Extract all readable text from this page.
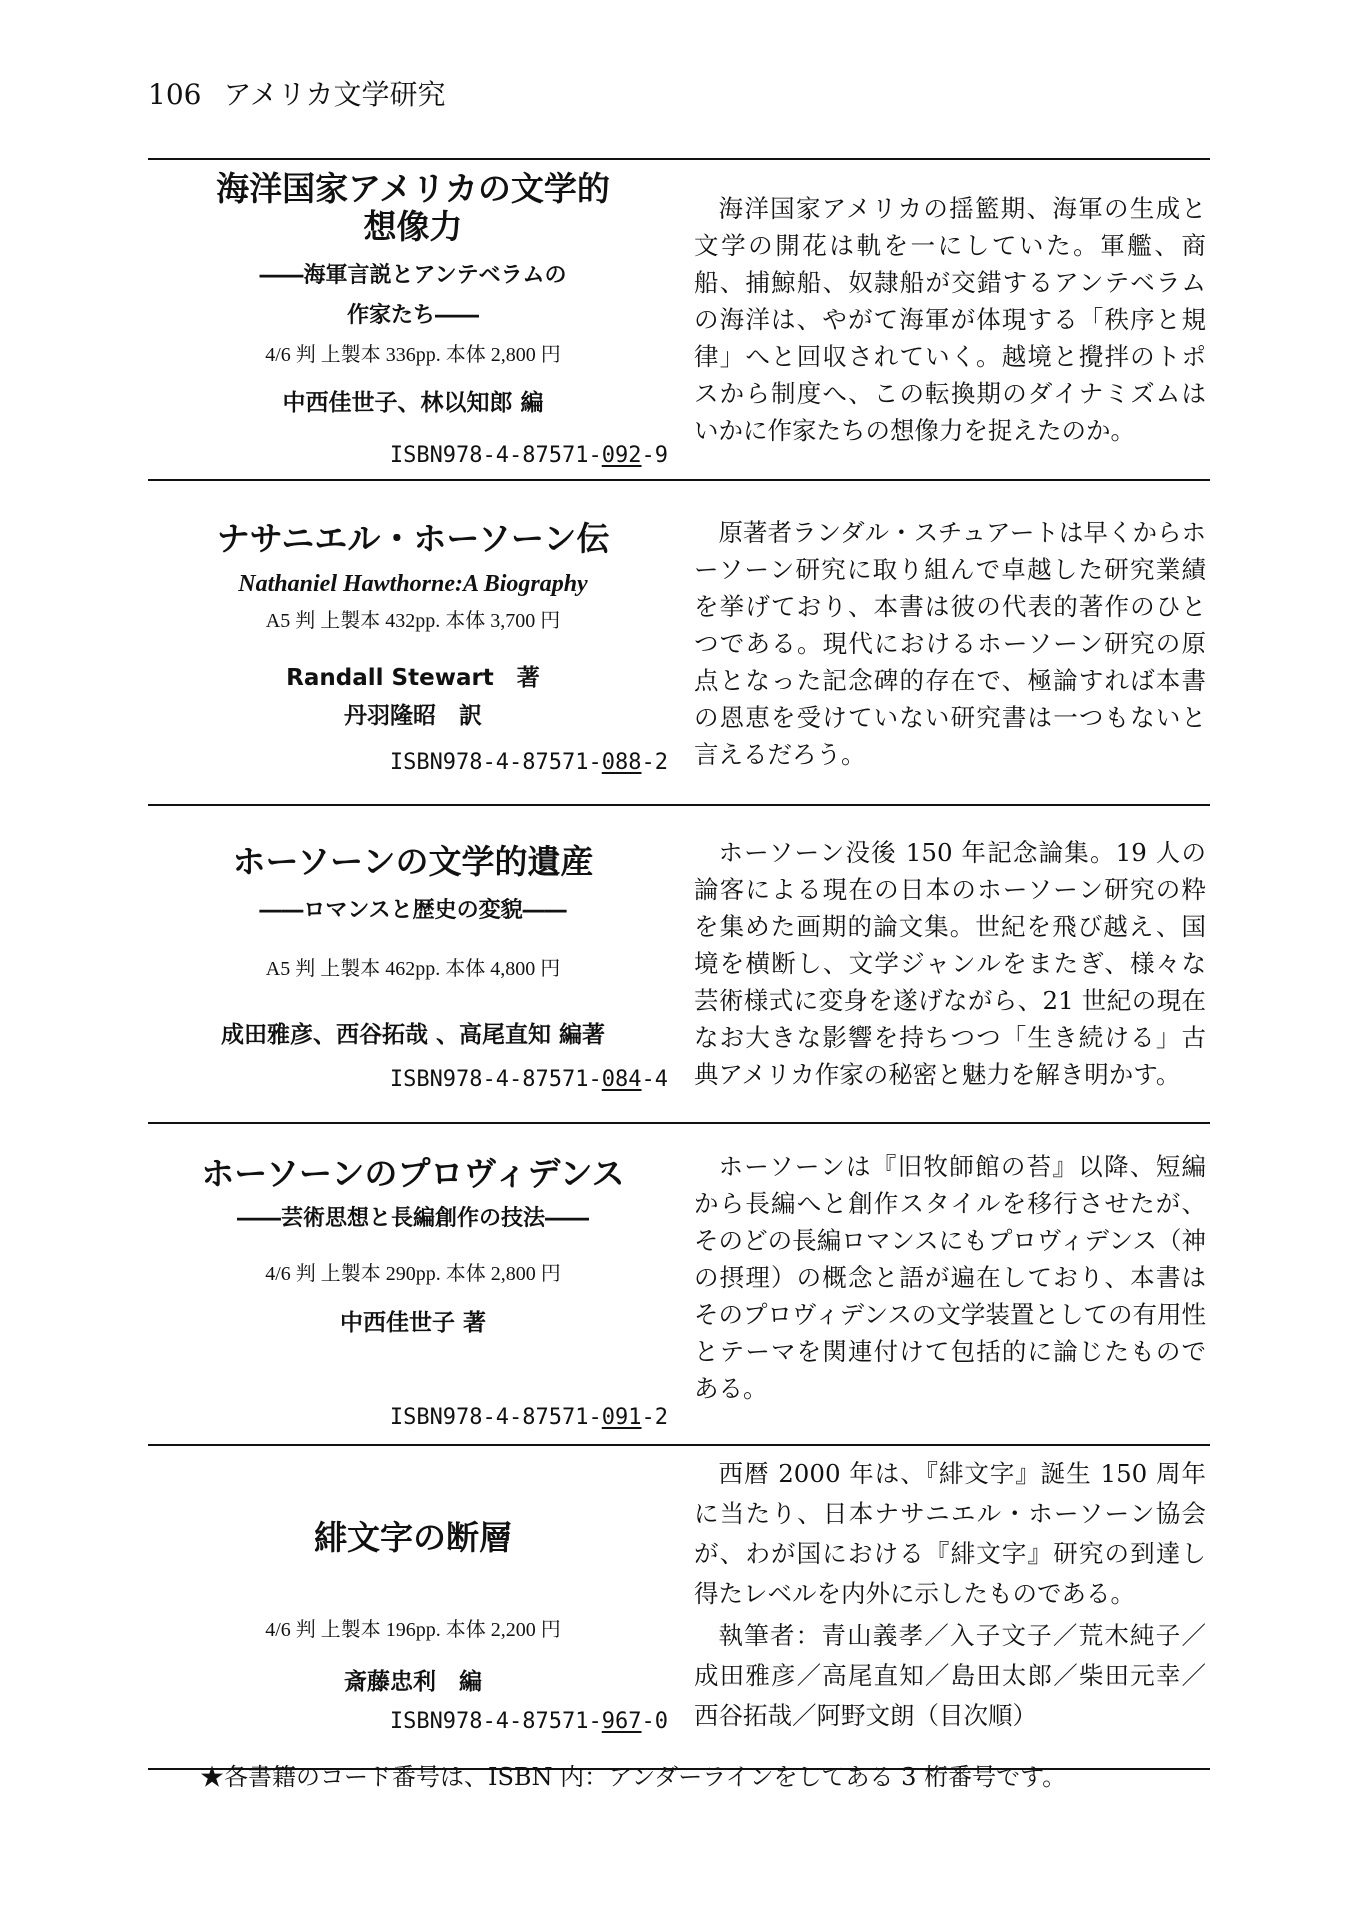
106 アメリカ文学研究
海洋国家アメリカの文学的
想像力
――海軍言説とアンテベラムの
作家たち――
4/6 判 上製本 336pp. 本体 2,800 円
中西佳世子、林以知郎 編
ISBN978-4-87571-092-9

海洋国家アメリカの揺籃期、海軍の生成と文学の開花は軌を一にしていた。軍艦、商船、捕鯨船、奴隷船が交錯するアンテベラムの海洋は、やがて海軍が体現する「秩序と規律」へと回収されていく。越境と攪拌のトポスから制度へ、この転換期のダイナミズムはいかに作家たちの想像力を捉えたのか。

ナサニエル・ホーソーン伝
Nathaniel Hawthorne:A Biography
A5 判 上製本 432pp. 本体 3,700 円
Randall Stewart　著
丹羽隆昭　訳
ISBN978-4-87571-088-2

原著者ランダル・スチュアートは早くからホーソーン研究に取り組んで卓越した研究業績を挙げており、本書は彼の代表的著作のひとつである。現代におけるホーソーン研究の原点となった記念碑的存在で、極論すれば本書の恩恵を受けていない研究書は一つもないと言えるだろう。

ホーソーンの文学的遺産
――ロマンスと歴史の変貌――
A5 判 上製本 462pp. 本体 4,800 円
成田雅彦、西谷拓哉 、高尾直知 編著
ISBN978-4-87571-084-4

ホーソーン没後 150 年記念論集。19 人の論客による現在の日本のホーソーン研究の粋を集めた画期的論文集。世紀を飛び越え、国境を横断し、文学ジャンルをまたぎ、様々な芸術様式に変身を遂げながら、21 世紀の現在なお大きな影響を持ちつつ「生き続ける」古典アメリカ作家の秘密と魅力を解き明かす。

ホーソーンのプロヴィデンス
――芸術思想と長編創作の技法――
4/6 判 上製本 290pp. 本体 2,800 円
中西佳世子 著
ISBN978-4-87571-091-2

ホーソーンは『旧牧師館の苔』以降、短編から長編へと創作スタイルを移行させたが、そのどの長編ロマンスにもプロヴィデンス（神の摂理）の概念と語が遍在しており、本書はそのプロヴィデンスの文学装置としての有用性とテーマを関連付けて包括的に論じたものである。

緋文字の断層
4/6 判 上製本 196pp. 本体 2,200 円
斎藤忠利　編
ISBN978-4-87571-967-0

西暦 2000 年は、『緋文字』誕生 150 周年に当たり、日本ナサニエル・ホーソーン協会が、わが国における『緋文字』研究の到達し得たレベルを内外に示したものである。

執筆者：青山義孝／入子文子／荒木純子／成田雅彦／高尾直知／島田太郎／柴田元幸／西谷拓哉／阿野文朗（目次順）

★各書籍のコード番号は、ISBN 内：アンダーラインをしてある 3 桁番号です。
